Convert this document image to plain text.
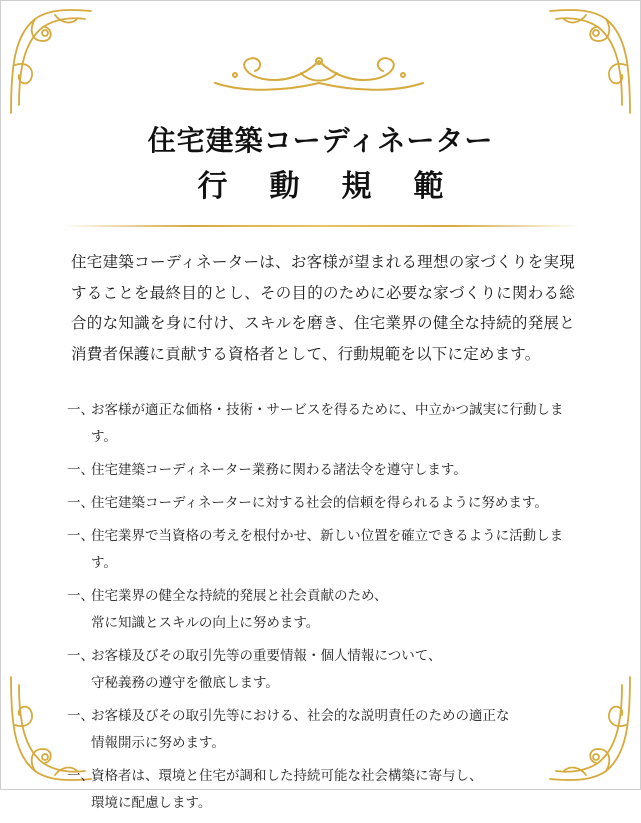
住宅建築コーディネーター
行動規範

住宅建築コーディネーターは、お客様が望まれる理想の家づくりを実現することを最終目的とし、その目的のために必要な家づくりに関わる総合的な知識を身に付け、スキルを磨き、住宅業界の健全な持続的発展と消費者保護に貢献する資格者として、行動規範を以下に定めます。

一、
お客様が適正な価格・技術・サービスを得るために、中立かつ誠実に行動します。
一、
住宅建築コーディネーター業務に関わる諸法令を遵守します。
一、
住宅建築コーディネーターに対する社会的信頼を得られるように努めます。
一、
住宅業界で当資格の考えを根付かせ、新しい位置を確立できるように活動します。
一、
住宅業界の健全な持続的発展と社会貢献のため、
常に知識とスキルの向上に努めます。
一、
お客様及びその取引先等の重要情報・個人情報について、
守秘義務の遵守を徹底します。
一、
お客様及びその取引先等における、社会的な説明責任のための適正な
情報開示に努めます。
一、
資格者は、環境と住宅が調和した持続可能な社会構築に寄与し、
環境に配慮します。
